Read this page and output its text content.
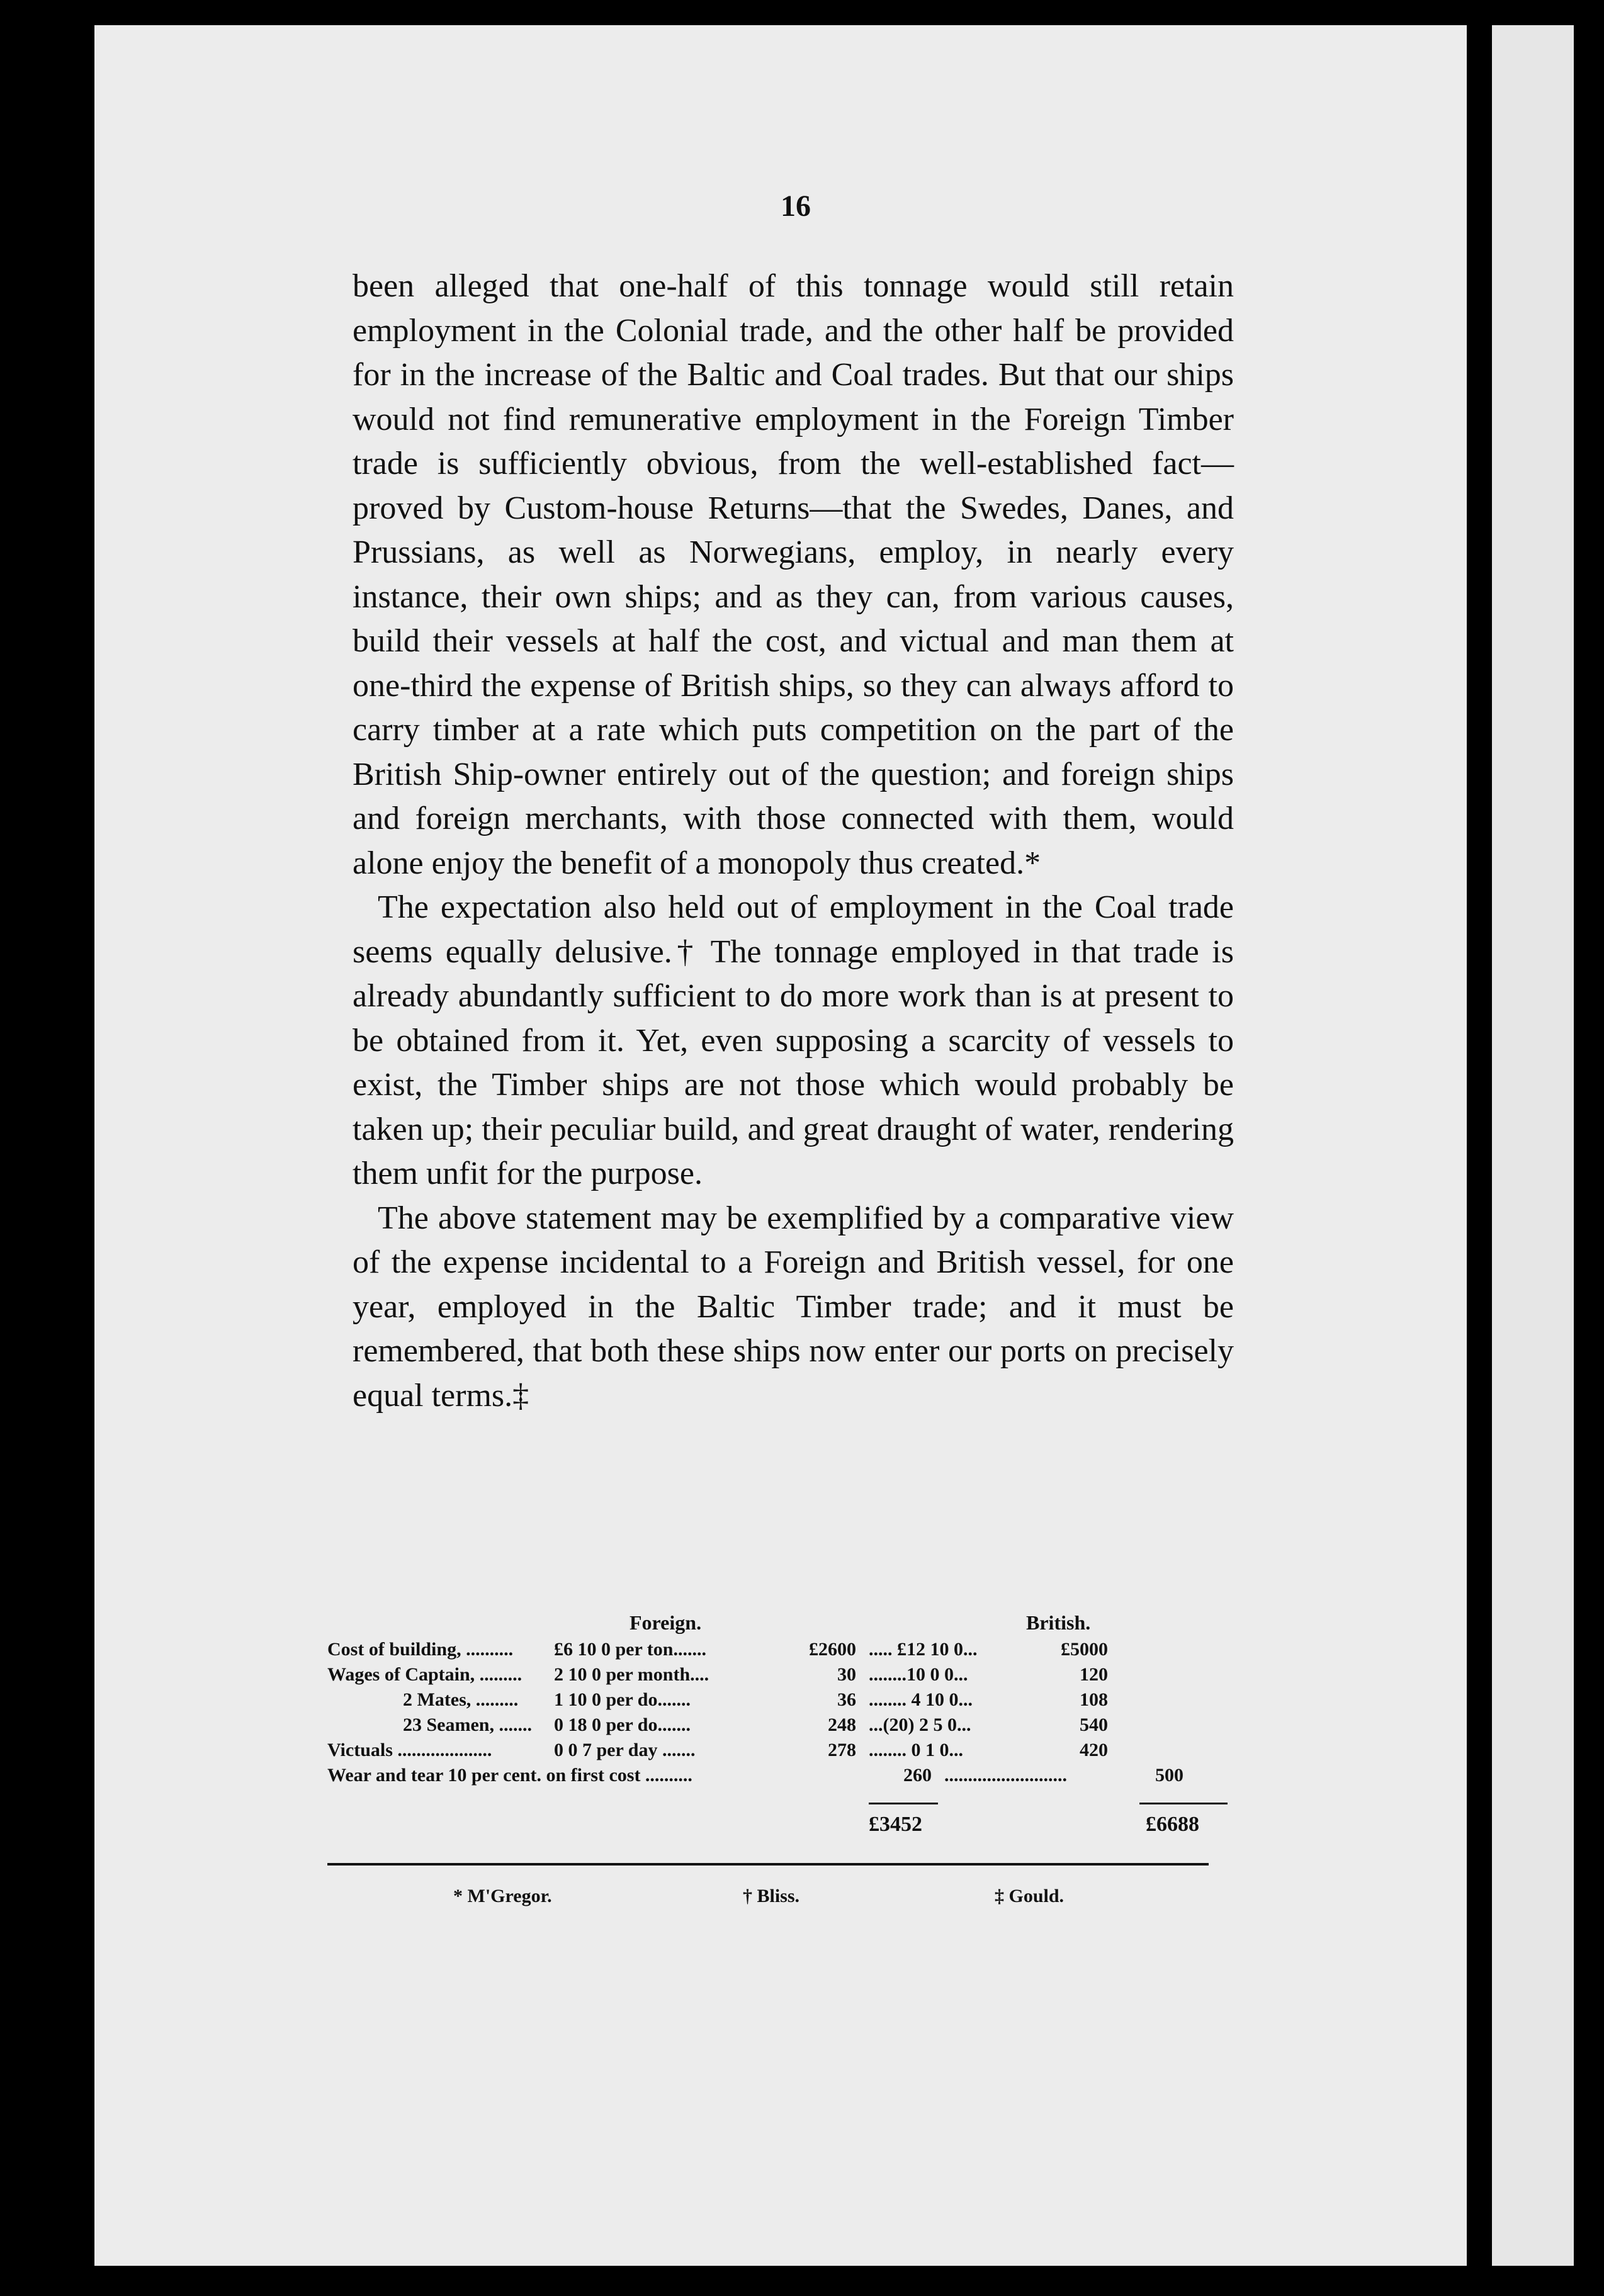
16

been alleged that one-half of this tonnage would still retain employment in the Colonial trade, and the other half be provided for in the increase of the Baltic and Coal trades. But that our ships would not find remunerative employment in the Foreign Timber trade is sufficiently obvious, from the well-established fact—proved by Custom-house Returns—that the Swedes, Danes, and Prussians, as well as Norwegians, employ, in nearly every instance, their own ships; and as they can, from various causes, build their vessels at half the cost, and victual and man them at one-third the expense of British ships, so they can always afford to carry timber at a rate which puts competition on the part of the British Ship-owner entirely out of the question; and foreign ships and foreign merchants, with those connected with them, would alone enjoy the benefit of a monopoly thus created.*

The expectation also held out of employment in the Coal trade seems equally delusive.† The tonnage employed in that trade is already abundantly sufficient to do more work than is at present to be obtained from it. Yet, even supposing a scarcity of vessels to exist, the Timber ships are not those which would probably be taken up; their peculiar build, and great draught of water, rendering them unfit for the purpose.

The above statement may be exemplified by a comparative view of the expense incidental to a Foreign and British vessel, for one year, employed in the Baltic Timber trade; and it must be remembered, that both these ships now enter our ports on precisely equal terms.‡

Foreign.	British.
Cost of building, ..........	£6 10 0 per ton.......	£2600 ..... £12 10 0...	£5000
Wages of Captain, .........	2 10 0 per month....	30 ........10 0 0...	120
2 Mates, .........	1 10 0 per do.......	36 ........ 4 10 0...	108
23 Seamen, .......	0 18 0 per do.......	248 ...(20) 2 5 0...	540
Victuals ....................	0 0 7 per day .......	278 ........ 0 1 0...	420
Wear and tear 10 per cent. on first cost ..........	260 ..........................	500
£3452	£6688
* M'Gregor.	† Bliss.	‡ Gould.
